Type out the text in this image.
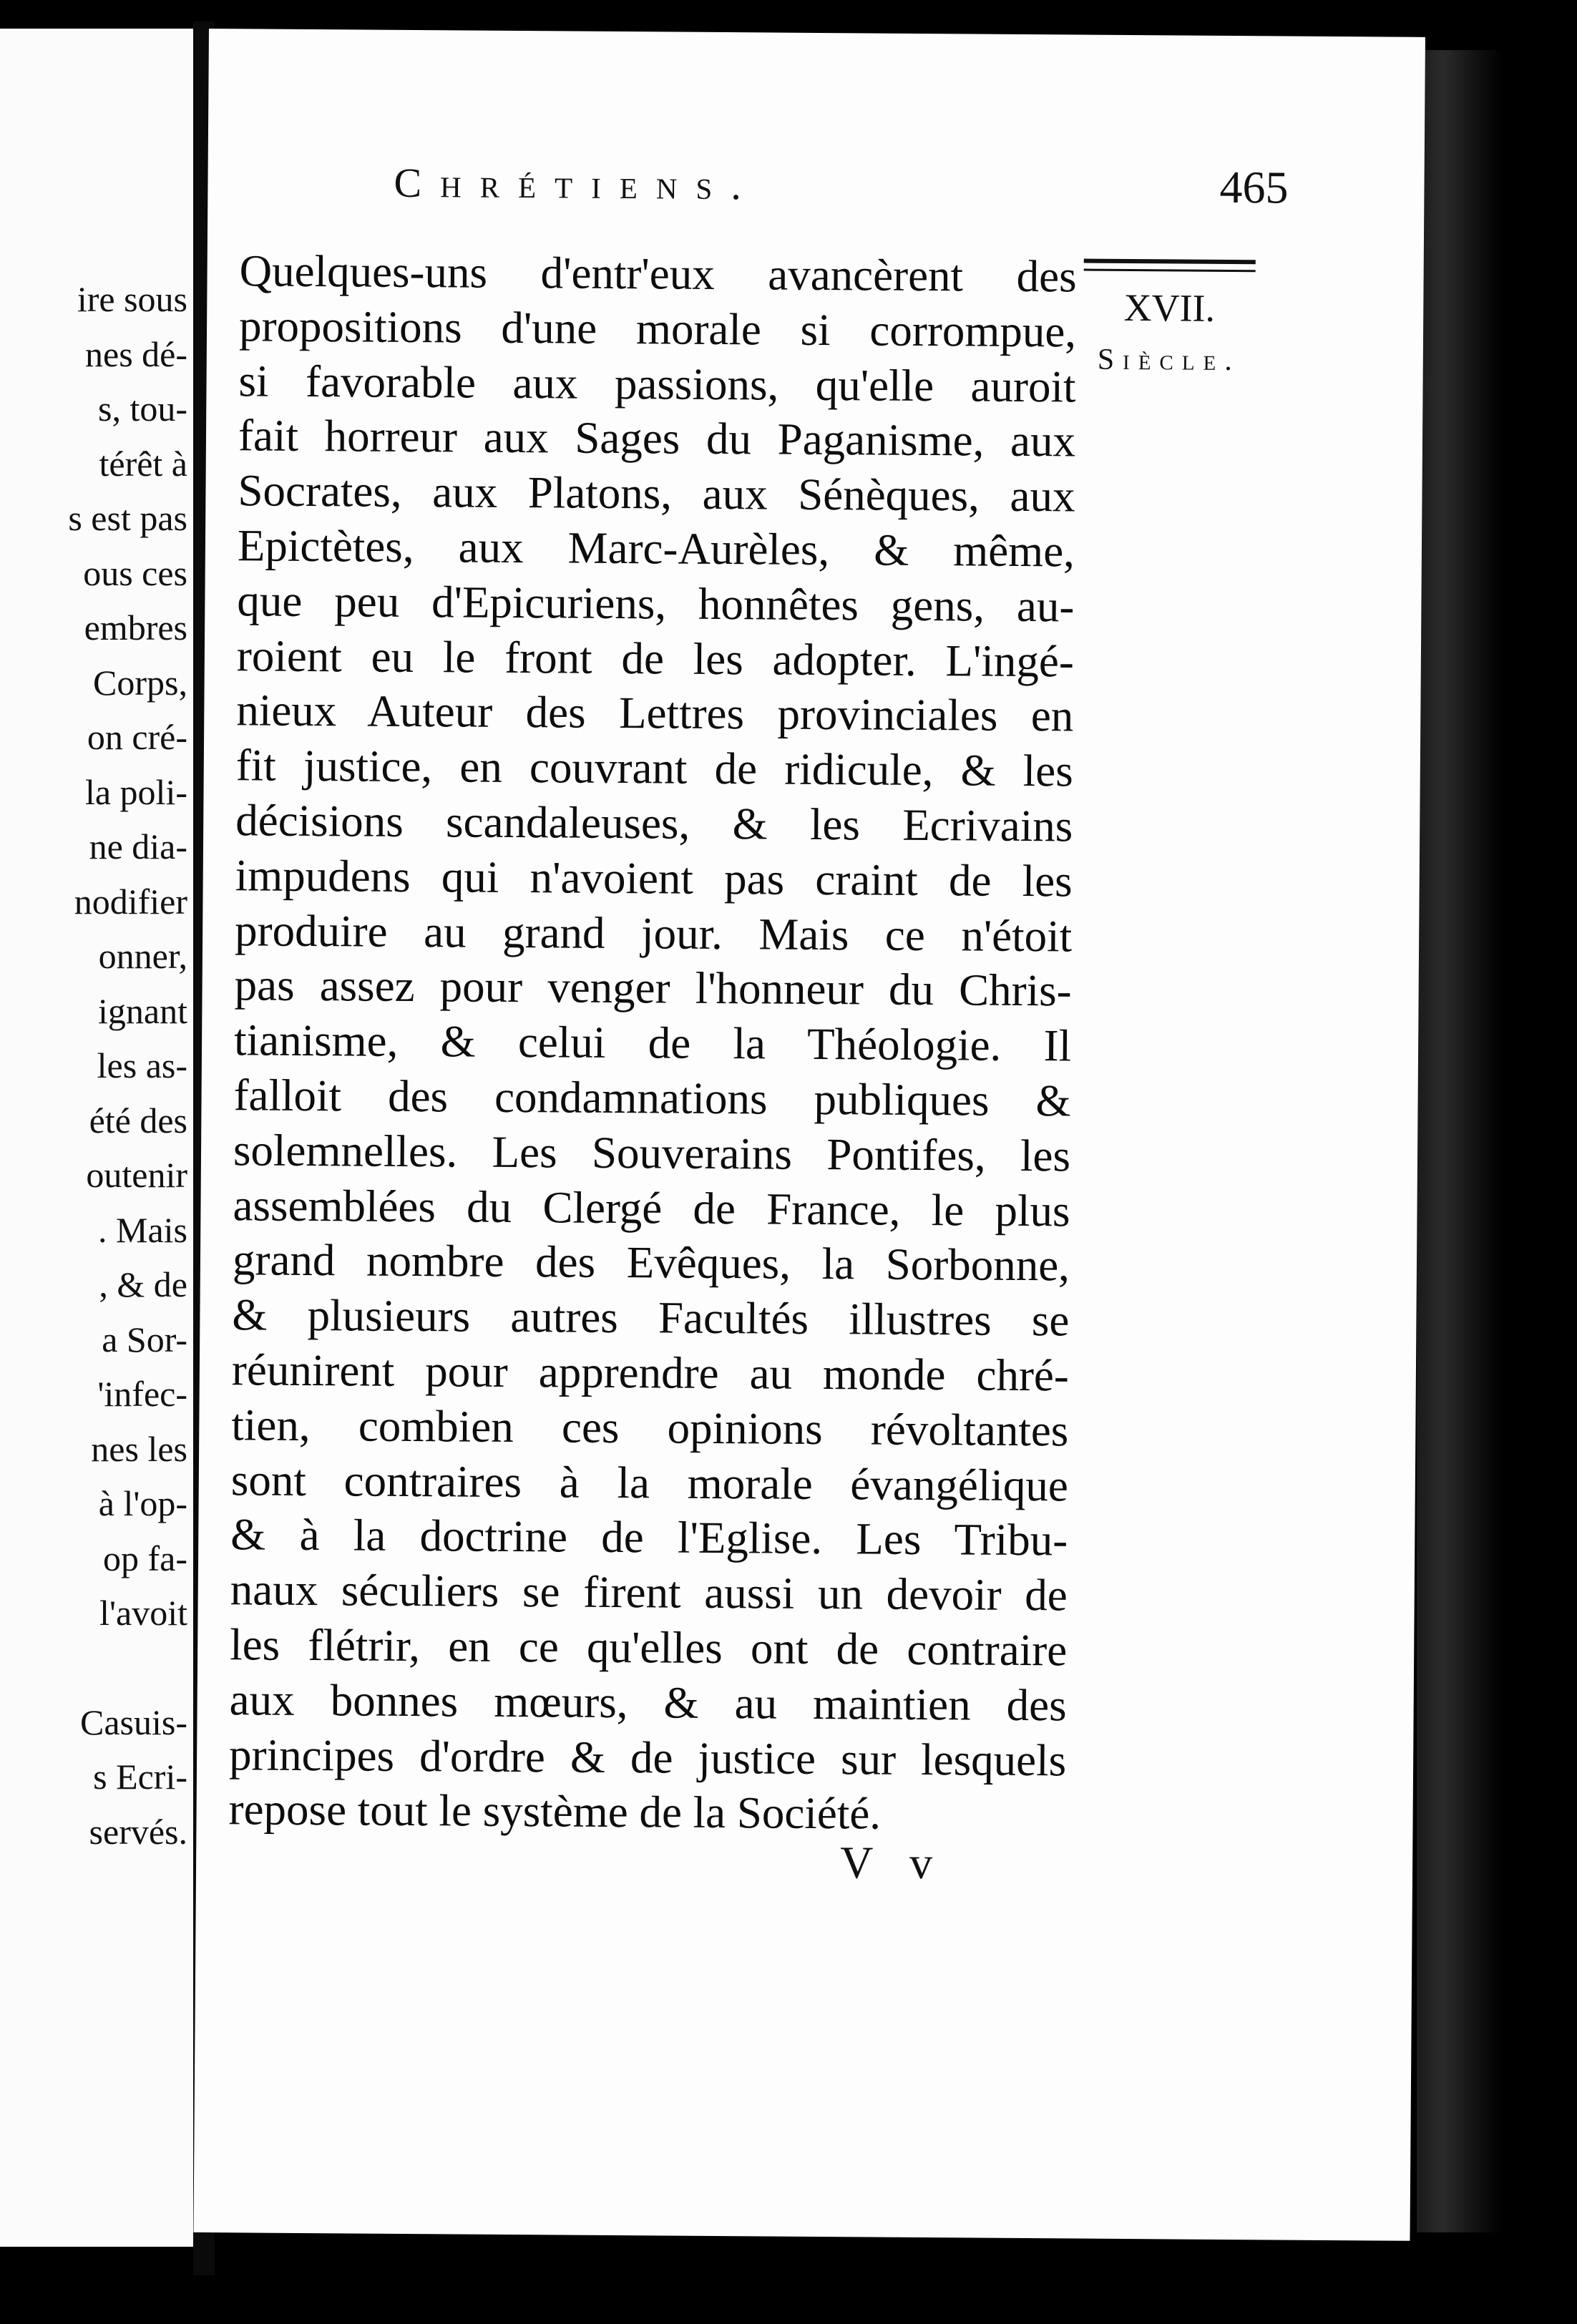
ire sous
nes dé-
s, tou-
térêt à
s est pas
ous ces
embres
Corps,
on cré-
la poli-
ne dia-
nodifier
onner,
ignant
les as-
été des
outenir
. Mais
, & de
a Sor-
'infec-
nes les
à l'op-
op fa-
l'avoit
Casuis-
s Ecri-
servés.
Chrétiens.	465
XVII.
Siècle.
Quelques-uns d'entr'eux avancèrent des
propositions d'une morale si corrompue,
si favorable aux passions, qu'elle auroit
fait horreur aux Sages du Paganisme, aux
Socrates, aux Platons, aux Sénèques, aux
Epictètes, aux Marc-Aurèles, & même,
que peu d'Epicuriens, honnêtes gens, au-
roient eu le front de les adopter. L'ingé-
nieux Auteur des Lettres provinciales en
fit justice, en couvrant de ridicule, & les
décisions scandaleuses, & les Ecrivains
impudens qui n'avoient pas craint de les
produire au grand jour. Mais ce n'étoit
pas assez pour venger l'honneur du Chris-
tianisme, & celui de la Théologie. Il
falloit des condamnations publiques &
solemnelles. Les Souverains Pontifes, les
assemblées du Clergé de France, le plus
grand nombre des Evêques, la Sorbonne,
& plusieurs autres Facultés illustres se
réunirent pour apprendre au monde chré-
tien, combien ces opinions révoltantes
sont contraires à la morale évangélique
& à la doctrine de l'Eglise. Les Tribu-
naux séculiers se firent aussi un devoir de
les flétrir, en ce qu'elles ont de contraire
aux bonnes mœurs, & au maintien des
principes d'ordre & de justice sur lesquels
repose tout le système de la Société.
V v
